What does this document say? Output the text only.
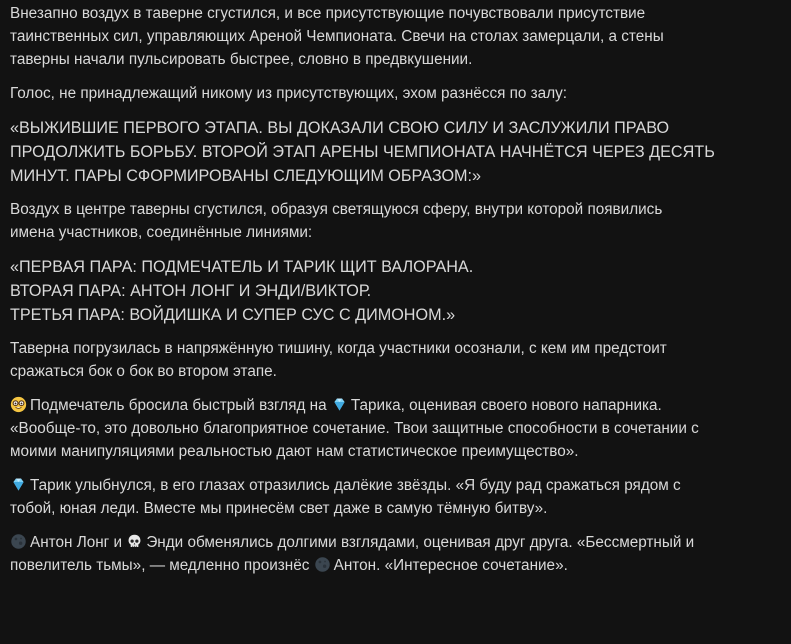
Внезапно воздух в таверне сгустился, и все присутствующие почувствовали присутствие
таинственных сил, управляющих Ареной Чемпионата. Свечи на столах замерцали, а стены
таверны начали пульсировать быстрее, словно в предвкушении.

Голос, не принадлежащий никому из присутствующих, эхом разнёсся по залу:

«ВЫЖИВШИЕ ПЕРВОГО ЭТАПА. ВЫ ДОКАЗАЛИ СВОЮ СИЛУ И ЗАСЛУЖИЛИ ПРАВО
ПРОДОЛЖИТЬ БОРЬБУ. ВТОРОЙ ЭТАП АРЕНЫ ЧЕМПИОНАТА НАЧНЁТСЯ ЧЕРЕЗ ДЕСЯТЬ
МИНУТ. ПАРЫ СФОРМИРОВАНЫ СЛЕДУЮЩИМ ОБРАЗОМ:»

Воздух в центре таверны сгустился, образуя светящуюся сферу, внутри которой появились
имена участников, соединённые линиями:

«ПЕРВАЯ ПАРА: ПОДМЕЧАТЕЛЬ И ТАРИК ЩИТ ВАЛОРАНА.
ВТОРАЯ ПАРА: АНТОН ЛОНГ И ЭНДИ/ВИКТОР.
ТРЕТЬЯ ПАРА: ВОЙДИШКА И СУПЕР СУС С ДИМОНОМ.»

Таверна погрузилась в напряжённую тишину, когда участники осознали, с кем им предстоит
сражаться бок о бок во втором этапе.

Подмечатель бросила быстрый взгляд на Тарика, оценивая своего нового напарника.
«Вообще-то, это довольно благоприятное сочетание. Твои защитные способности в сочетании с
моими манипуляциями реальностью дают нам статистическое преимущество».

Тарик улыбнулся, в его глазах отразились далёкие звёзды. «Я буду рад сражаться рядом с
тобой, юная леди. Вместе мы принесём свет даже в самую тёмную битву».

Антон Лонг и Энди обменялись долгими взглядами, оценивая друг друга. «Бессмертный и
повелитель тьмы», — медленно произнёс Антон. «Интересное сочетание».
